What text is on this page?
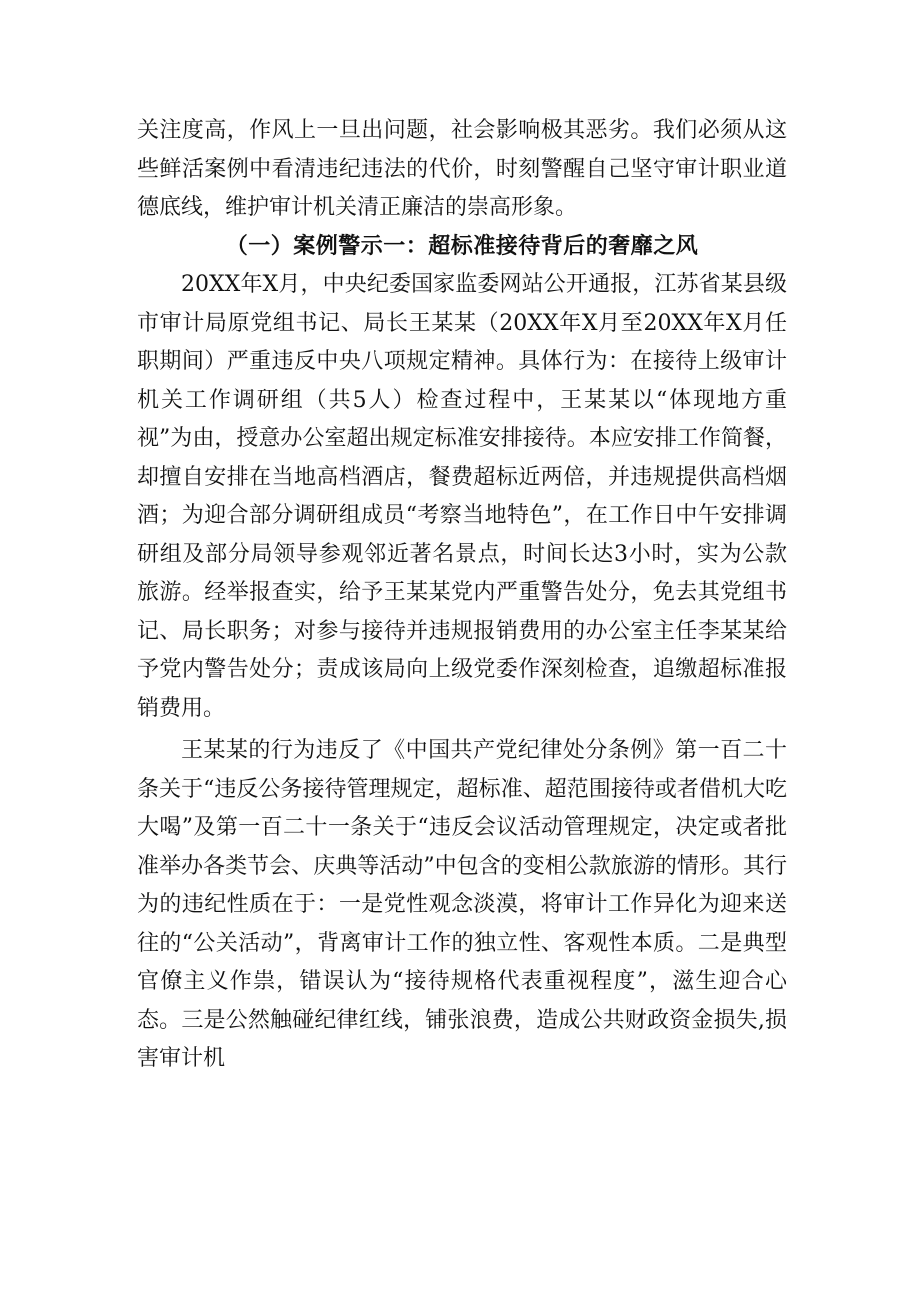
关注度高，作风上一旦出问题，社会影响极其恶劣。我们必须从这些鲜活案例中看清违纪违法的代价，时刻警醒自己坚守审计职业道德底线，维护审计机关清正廉洁的崇高形象。

（一）案例警示一：超标准接待背后的奢靡之风

20XX年X月，中央纪委国家监委网站公开通报，江苏省某县级市审计局原党组书记、局长王某某（20XX年X月至20XX年X月任职期间）严重违反中央八项规定精神。具体行为：在接待上级审计机关工作调研组（共5人）检查过程中，王某某以“体现地方重视”为由，授意办公室超出规定标准安排接待。本应安排工作简餐，却擅自安排在当地高档酒店，餐费超标近两倍，并违规提供高档烟酒；为迎合部分调研组成员“考察当地特色”，在工作日中午安排调研组及部分局领导参观邻近著名景点，时间长达3小时，实为公款旅游。经举报查实，给予王某某党内严重警告处分，免去其党组书记、局长职务；对参与接待并违规报销费用的办公室主任李某某给予党内警告处分；责成该局向上级党委作深刻检查，追缴超标准报销费用。

王某某的行为违反了《中国共产党纪律处分条例》第一百二十条关于“违反公务接待管理规定，超标准、超范围接待或者借机大吃大喝”及第一百二十一条关于“违反会议活动管理规定，决定或者批准举办各类节会、庆典等活动”中包含的变相公款旅游的情形。其行为的违纪性质在于：一是党性观念淡漠，将审计工作异化为迎来送往的“公关活动”，背离审计工作的独立性、客观性本质。二是典型官僚主义作祟，错误认为“接待规格代表重视程度”，滋生迎合心态。三是公然触碰纪律红线，铺张浪费，造成公共财政资金损失,损害审计机
